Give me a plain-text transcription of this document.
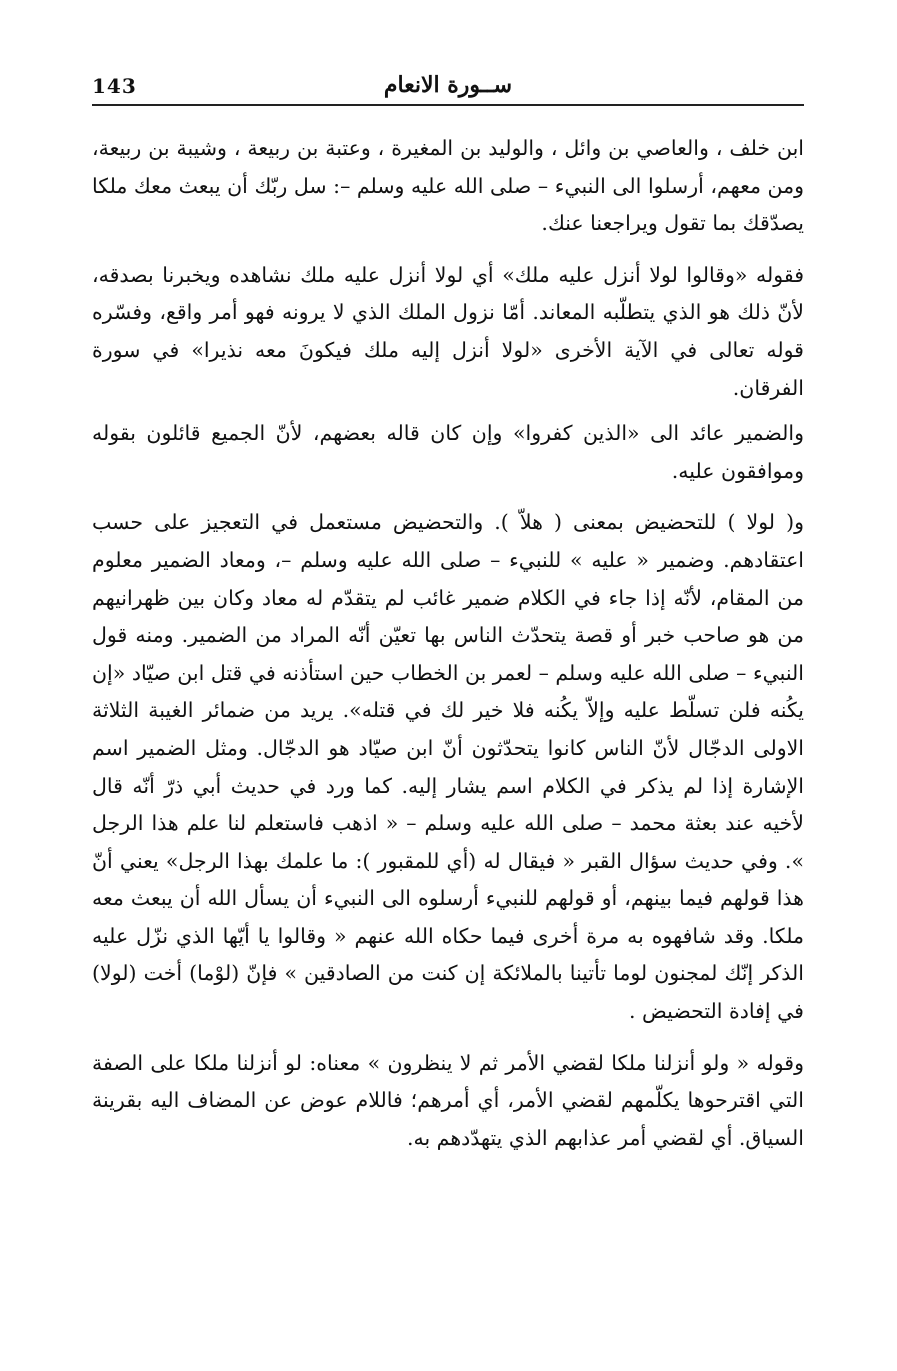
143	ســورة الانعام

ابن خلف ، والعاصي بن وائل ، والوليد بن المغيرة ، وعتبة بن ربيعة ، وشيبة بن ربيعة، ومن معهم، أرسلوا الى النبيء – صلى الله عليه وسلم –: سل ربّك أن يبعث معك ملكا يصدّقك بما تقول ويراجعنا عنك.

فقوله «وقالوا لولا أنزل عليه ملك» أي لولا أنزل عليه ملك نشاهده ويخبرنا بصدقه، لأنّ ذلك هو الذي يتطلّبه المعاند. أمّا نزول الملك الذي لا يرونه فهو أمر واقع، وفسّره قوله تعالى في الآية الأخرى «لولا أنزل إليه ملك فيكونَ معه نذيرا» في سورة الفرقان.

والضمير عائد الى «الذين كفروا» وإن كان قاله بعضهم، لأنّ الجميع قائلون بقوله وموافقون عليه.

و( لولا ) للتحضيض بمعنى ( هلاّ ). والتحضيض مستعمل في التعجيز على حسب اعتقادهم. وضمير « عليه » للنبيء – صلى الله عليه وسلم –، ومعاد الضمير معلوم من المقام، لأنّه إذا جاء في الكلام ضمير غائب لم يتقدّم له معاد وكان بين ظهرانيهم من هو صاحب خبر أو قصة يتحدّث الناس بها تعيّن أنّه المراد من الضمير. ومنه قول النبيء – صلى الله عليه وسلم – لعمر بن الخطاب حين استأذنه في قتل ابن صيّاد «إن يكُنه فلن تسلّط عليه وإلاّ يكُنه فلا خير لك في قتله». يريد من ضمائر الغيبة الثلاثة الاولى الدجّال لأنّ الناس كانوا يتحدّثون أنّ ابن صيّاد هو الدجّال. ومثل الضمير اسم الإشارة إذا لم يذكر في الكلام اسم يشار إليه. كما ورد في حديث أبي ذرّ أنّه قال لأخيه عند بعثة محمد – صلى الله عليه وسلم – « اذهب فاستعلم لنا علم هذا الرجل ». وفي حديث سؤال القبر « فيقال له (أي للمقبور ): ما علمك بهذا الرجل» يعني أنّ هذا قولهم فيما بينهم، أو قولهم للنبيء أرسلوه الى النبيء أن يسأل الله أن يبعث معه ملكا. وقد شافهوه به مرة أخرى فيما حكاه الله عنهم « وقالوا يا أيّها الذي نزّل عليه الذكر إنّك لمجنون لوما تأتينا بالملائكة إن كنت من الصادقين » فإنّ (لوْما) أخت (لولا) في إفادة التحضيض .

وقوله « ولو أنزلنا ملكا لقضي الأمر ثم لا ينظرون » معناه: لو أنزلنا ملكا على الصفة التي اقترحوها يكلّمهم لقضي الأمر، أي أمرهم؛ فاللام عوض عن المضاف اليه بقرينة السياق. أي لقضي أمر عذابهم الذي يتهدّدهم به.
